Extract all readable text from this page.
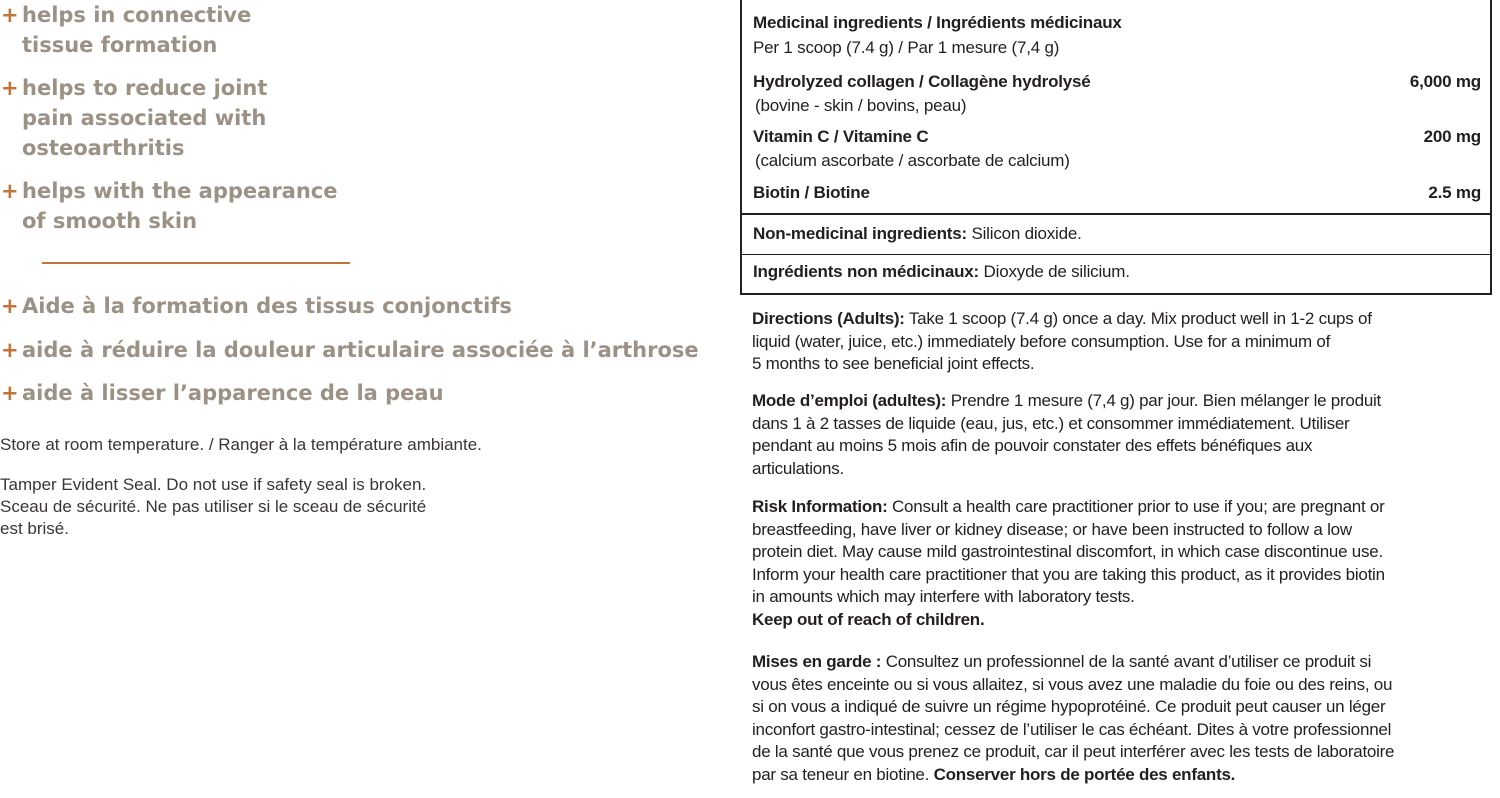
+ helps in connective
tissue formation
+ helps to reduce joint
pain associated with
osteoarthritis
+ helps with the appearance
of smooth skin
+ Aide à la formation des tissus conjonctifs
+ aide à réduire la douleur articulaire associée à l’arthrose
+ aide à lisser l’apparence de la peau

Store at room temperature. / Ranger à la température ambiante.

Tamper Evident Seal. Do not use if safety seal is broken.

Sceau de sécurité. Ne pas utiliser si le sceau de sécurité

est brisé.

Medicinal ingredients / Ingrédients médicinaux
Per 1 scoop (7.4 g) / Par 1 mesure (7,4 g)
Hydrolyzed collagen / Collagène hydrolysé	6,000 mg
(bovine - skin / bovins, peau)
Vitamin C / Vitamine C	200 mg
(calcium ascorbate / ascorbate de calcium)
Biotin / Biotine	2.5 mg
Non-medicinal ingredients: Silicon dioxide.
Ingrédients non médicinaux: Dioxyde de silicium.

Directions (Adults): Take 1 scoop (7.4 g) once a day. Mix product well in 1-2 cups of

liquid (water, juice, etc.) immediately before consumption. Use for a minimum of

5 months to see beneficial joint effects.

Mode d’emploi (adultes): Prendre 1 mesure (7,4 g) par jour. Bien mélanger le produit

dans 1 à 2 tasses de liquide (eau, jus, etc.) et consommer immédiatement. Utiliser

pendant au moins 5 mois afin de pouvoir constater des effets bénéfiques aux

articulations.

Risk Information: Consult a health care practitioner prior to use if you; are pregnant or

breastfeeding, have liver or kidney disease; or have been instructed to follow a low

protein diet. May cause mild gastrointestinal discomfort, in which case discontinue use.

Inform your health care practitioner that you are taking this product, as it provides biotin

in amounts which may interfere with laboratory tests.

Keep out of reach of children.

Mises en garde : Consultez un professionnel de la santé avant d’utiliser ce produit si

vous êtes enceinte ou si vous allaitez, si vous avez une maladie du foie ou des reins, ou

si on vous a indiqué de suivre un régime hypoprotéiné. Ce produit peut causer un léger

inconfort gastro-intestinal; cessez de l’utiliser le cas échéant. Dites à votre professionnel

de la santé que vous prenez ce produit, car il peut interférer avec les tests de laboratoire

par sa teneur en biotine. Conserver hors de portée des enfants.
